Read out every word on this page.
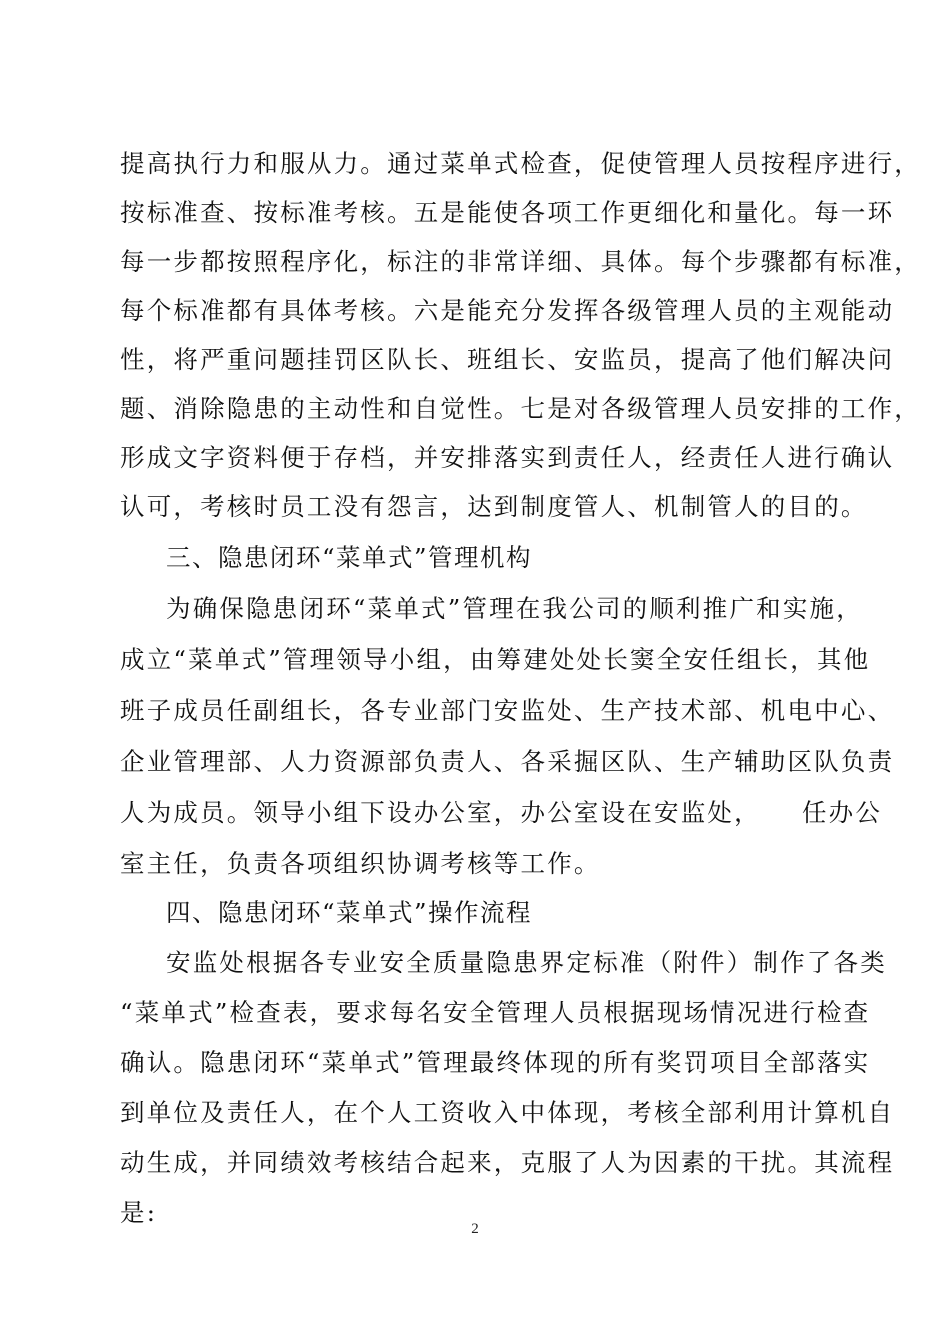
提高执行力和服从力。通过菜单式检查，促使管理人员按程序进行，
按标准查、按标准考核。五是能使各项工作更细化和量化。每一环
每一步都按照程序化，标注的非常详细、具体。每个步骤都有标准，
每个标准都有具体考核。六是能充分发挥各级管理人员的主观能动
性，将严重问题挂罚区队长、班组长、安监员，提高了他们解决问
题、消除隐患的主动性和自觉性。七是对各级管理人员安排的工作，
形成文字资料便于存档，并安排落实到责任人，经责任人进行确认
认可，考核时员工没有怨言，达到制度管人、机制管人的目的。
三、隐患闭环“菜单式”管理机构
为确保隐患闭环“菜单式”管理在我公司的顺利推广和实施，
成立“菜单式”管理领导小组，由筹建处处长窦全安任组长，其他
班子成员任副组长，各专业部门安监处、生产技术部、机电中心、
企业管理部、人力资源部负责人、各采掘区队、生产辅助区队负责
人为成员。领导小组下设办公室，办公室设在安监处，　　任办公
室主任，负责各项组织协调考核等工作。
四、隐患闭环“菜单式”操作流程
安监处根据各专业安全质量隐患界定标准（附件）制作了各类
“菜单式”检查表，要求每名安全管理人员根据现场情况进行检查
确认。隐患闭环“菜单式”管理最终体现的所有奖罚项目全部落实
到单位及责任人，在个人工资收入中体现，考核全部利用计算机自
动生成，并同绩效考核结合起来，克服了人为因素的干扰。其流程
是:
2
